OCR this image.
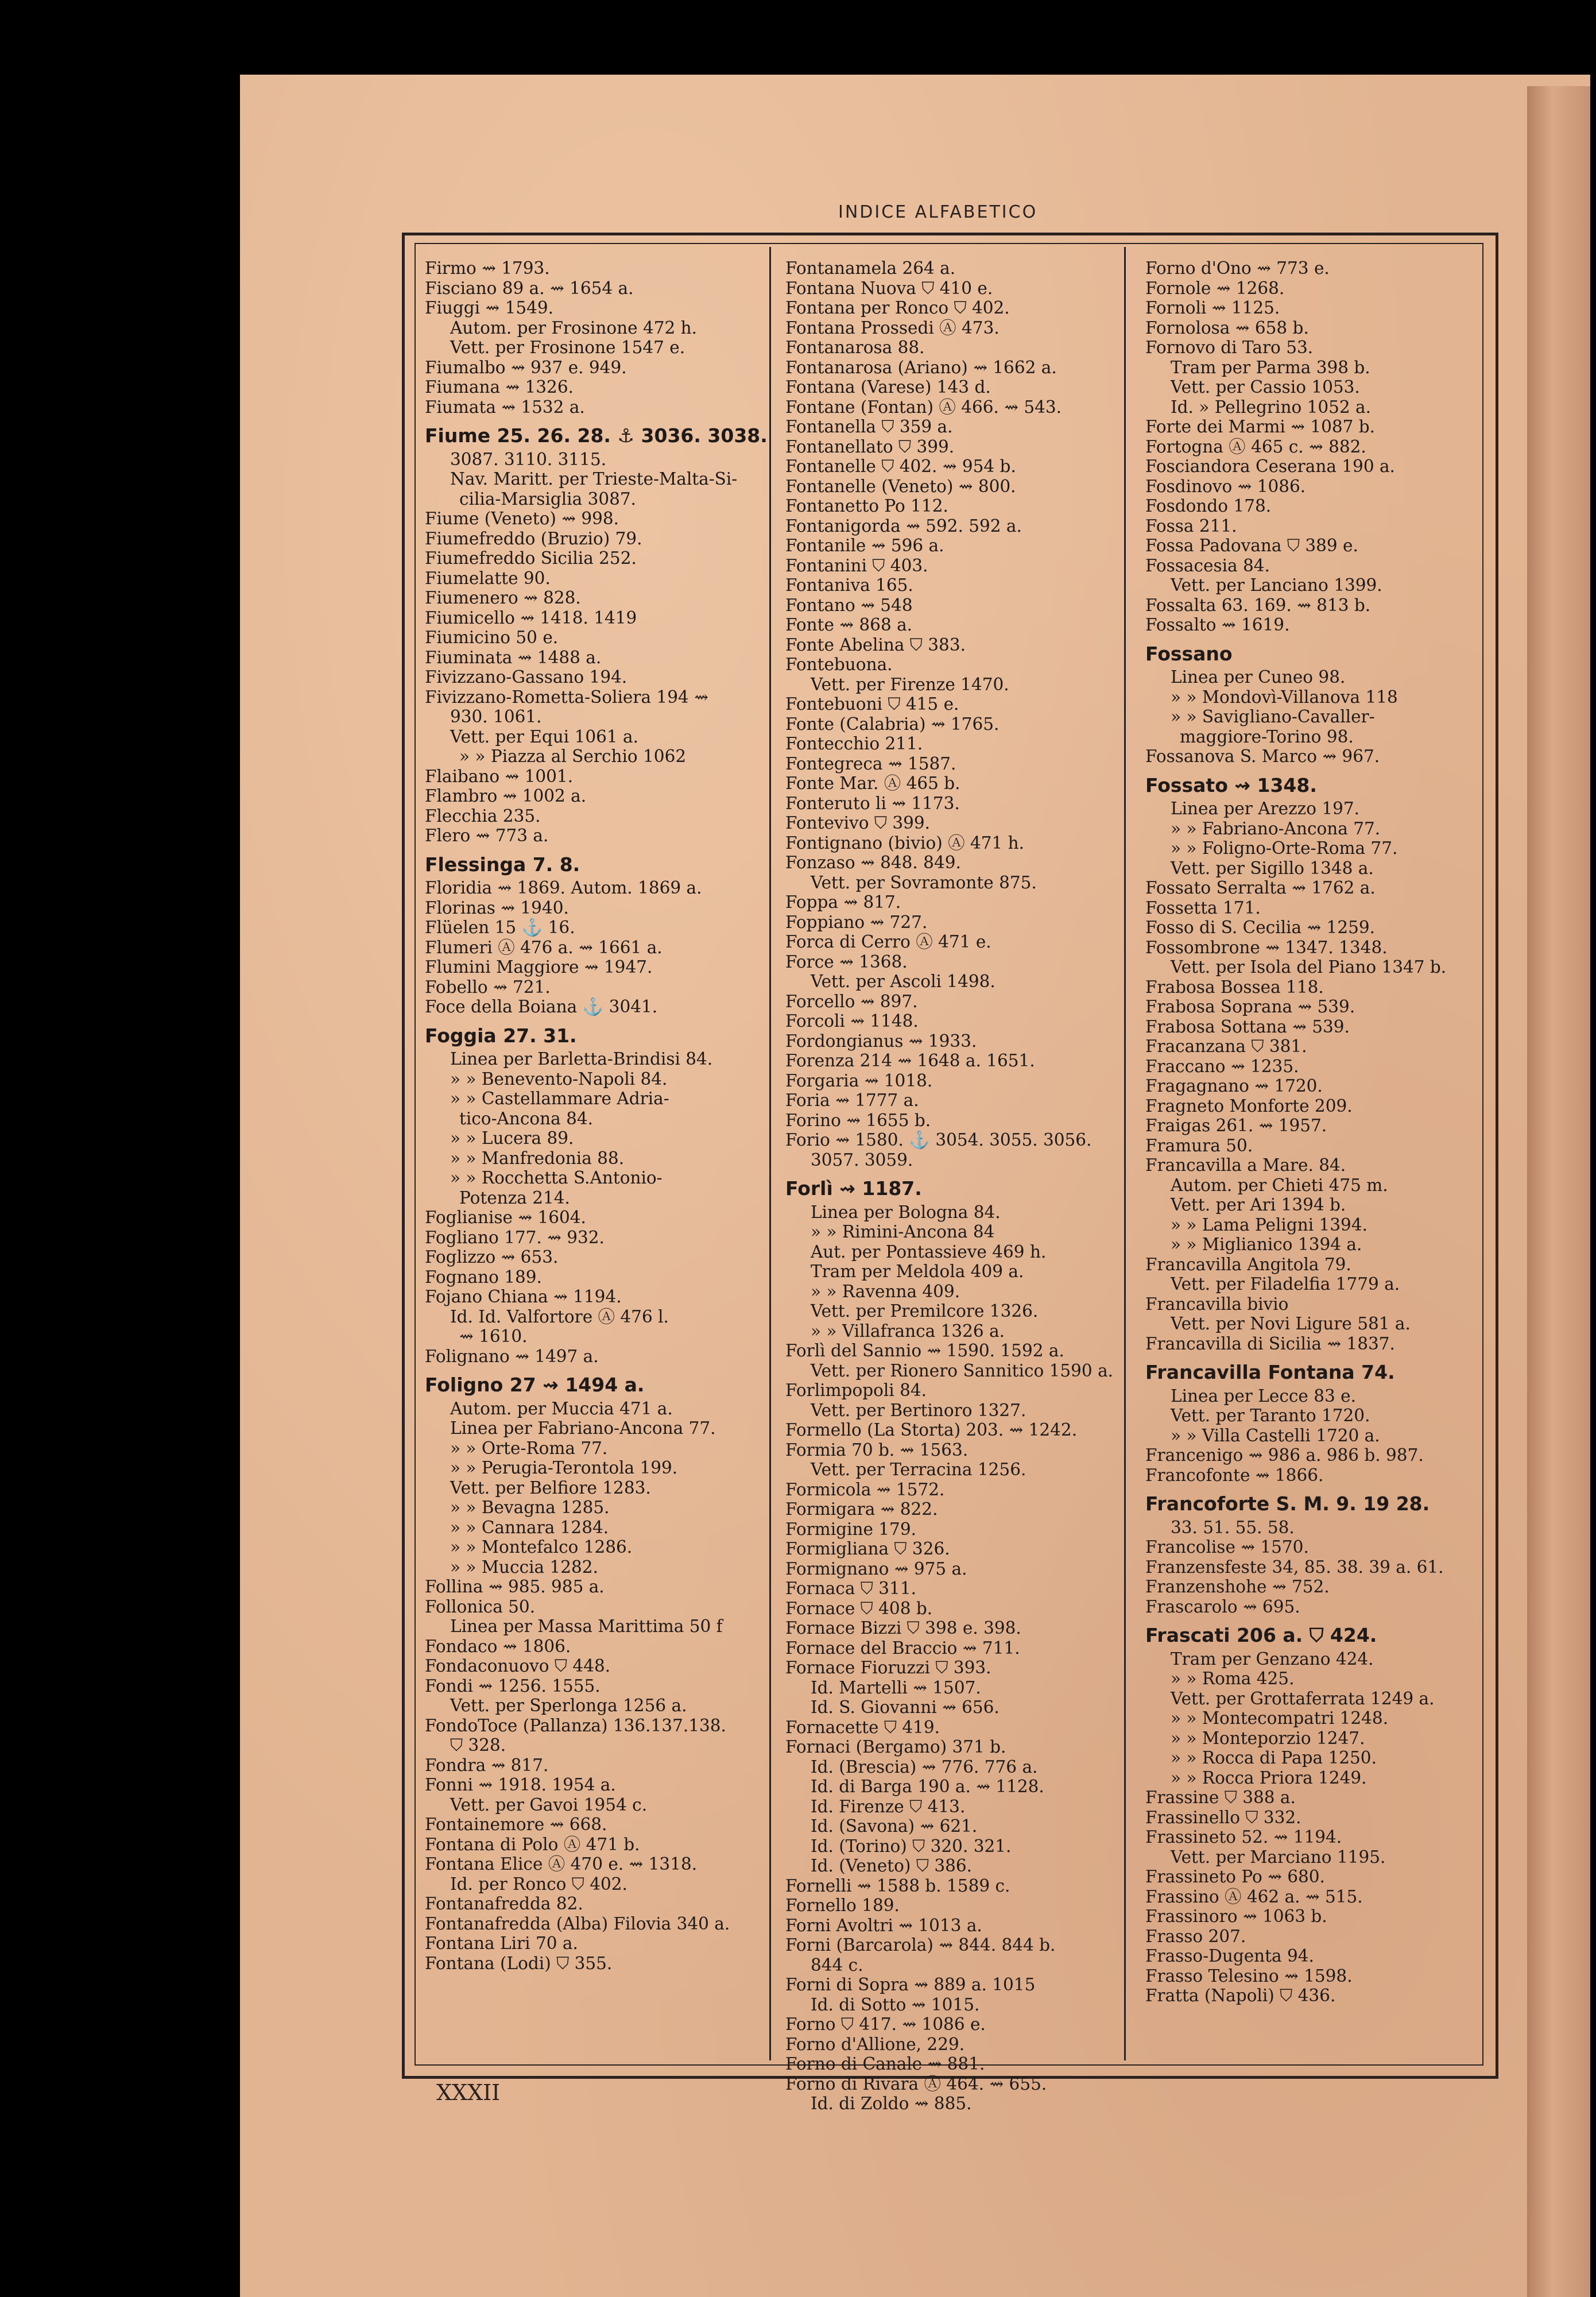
INDICE ALFABETICO
Firmo ⇝ 1793.
Fisciano 89 a. ⇝ 1654 a.
Fiuggi ⇝ 1549.
Autom. per Frosinone 472 h.
Vett. per Frosinone 1547 e.
Fiumalbo ⇝ 937 e. 949.
Fiumana ⇝ 1326.
Fiumata ⇝ 1532 a.
Fiume 25. 26. 28. ⚓ 3036. 3038.
3087. 3110. 3115.
Nav. Maritt. per Trieste-Malta-Si-
cilia-Marsiglia 3087.
Fiume (Veneto) ⇝ 998.
Fiumefreddo (Bruzio) 79.
Fiumefreddo Sicilia 252.
Fiumelatte 90.
Fiumenero ⇝ 828.
Fiumicello ⇝ 1418. 1419
Fiumicino 50 e.
Fiuminata ⇝ 1488 a.
Fivizzano-Gassano 194.
Fivizzano-Rometta-Soliera 194 ⇝
930. 1061.
Vett. per Equi 1061 a.
» » Piazza al Serchio 1062
Flaibano ⇝ 1001.
Flambro ⇝ 1002 a.
Flecchia 235.
Flero ⇝ 773 a.
Flessinga 7. 8.
Floridia ⇝ 1869. Autom. 1869 a.
Florinas ⇝ 1940.
Flüelen 15 ⚓ 16.
Flumeri Ⓐ 476 a. ⇝ 1661 a.
Flumini Maggiore ⇝ 1947.
Fobello ⇝ 721.
Foce della Boiana ⚓ 3041.
Foggia 27. 31.
Linea per Barletta-Brindisi 84.
» » Benevento-Napoli 84.
» » Castellammare Adria-
tico-Ancona 84.
» » Lucera 89.
» » Manfredonia 88.
» » Rocchetta S.Antonio-
Potenza 214.
Foglianise ⇝ 1604.
Fogliano 177. ⇝ 932.
Foglizzo ⇝ 653.
Fognano 189.
Fojano Chiana ⇝ 1194.
Id. Id. Valfortore Ⓐ 476 l.
⇝ 1610.
Folignano ⇝ 1497 a.
Foligno 27 ⇝ 1494 a.
Autom. per Muccia 471 a.
Linea per Fabriano-Ancona 77.
» » Orte-Roma 77.
» » Perugia-Terontola 199.
Vett. per Belfiore 1283.
» » Bevagna 1285.
» » Cannara 1284.
» » Montefalco 1286.
» » Muccia 1282.
Follina ⇝ 985. 985 a.
Follonica 50.
Linea per Massa Marittima 50 f
Fondaco ⇝ 1806.
Fondaconuovo ⛉ 448.
Fondi ⇝ 1256. 1555.
Vett. per Sperlonga 1256 a.
FondoToce (Pallanza) 136.137.138.
⛉ 328.
Fondra ⇝ 817.
Fonni ⇝ 1918. 1954 a.
Vett. per Gavoi 1954 c.
Fontainemore ⇝ 668.
Fontana di Polo Ⓐ 471 b.
Fontana Elice Ⓐ 470 e. ⇝ 1318.
Id. per Ronco ⛉ 402.
Fontanafredda 82.
Fontanafredda (Alba) Filovia 340 a.
Fontana Liri 70 a.
Fontana (Lodi) ⛉ 355.
Fontanamela 264 a.
Fontana Nuova ⛉ 410 e.
Fontana per Ronco ⛉ 402.
Fontana Prossedi Ⓐ 473.
Fontanarosa 88.
Fontanarosa (Ariano) ⇝ 1662 a.
Fontana (Varese) 143 d.
Fontane (Fontan) Ⓐ 466. ⇝ 543.
Fontanella ⛉ 359 a.
Fontanellato ⛉ 399.
Fontanelle ⛉ 402. ⇝ 954 b.
Fontanelle (Veneto) ⇝ 800.
Fontanetto Po 112.
Fontanigorda ⇝ 592. 592 a.
Fontanile ⇝ 596 a.
Fontanini ⛉ 403.
Fontaniva 165.
Fontano ⇝ 548
Fonte ⇝ 868 a.
Fonte Abelina ⛉ 383.
Fontebuona.
Vett. per Firenze 1470.
Fontebuoni ⛉ 415 e.
Fonte (Calabria) ⇝ 1765.
Fontecchio 211.
Fontegreca ⇝ 1587.
Fonte Mar. Ⓐ 465 b.
Fonteruto li ⇝ 1173.
Fontevivo ⛉ 399.
Fontignano (bivio) Ⓐ 471 h.
Fonzaso ⇝ 848. 849.
Vett. per Sovramonte 875.
Foppa ⇝ 817.
Foppiano ⇝ 727.
Forca di Cerro Ⓐ 471 e.
Force ⇝ 1368.
Vett. per Ascoli 1498.
Forcello ⇝ 897.
Forcoli ⇝ 1148.
Fordongianus ⇝ 1933.
Forenza 214 ⇝ 1648 a. 1651.
Forgaria ⇝ 1018.
Foria ⇝ 1777 a.
Forino ⇝ 1655 b.
Forio ⇝ 1580. ⚓ 3054. 3055. 3056.
3057. 3059.
Forlì ⇝ 1187.
Linea per Bologna 84.
» » Rimini-Ancona 84
Aut. per Pontassieve 469 h.
Tram per Meldola 409 a.
» » Ravenna 409.
Vett. per Premilcore 1326.
» » Villafranca 1326 a.
Forlì del Sannio ⇝ 1590. 1592 a.
Vett. per Rionero Sannitico 1590 a.
Forlimpopoli 84.
Vett. per Bertinoro 1327.
Formello (La Storta) 203. ⇝ 1242.
Formia 70 b. ⇝ 1563.
Vett. per Terracina 1256.
Formicola ⇝ 1572.
Formigara ⇝ 822.
Formigine 179.
Formigliana ⛉ 326.
Formignano ⇝ 975 a.
Fornaca ⛉ 311.
Fornace ⛉ 408 b.
Fornace Bizzi ⛉ 398 e. 398.
Fornace del Braccio ⇝ 711.
Fornace Fioruzzi ⛉ 393.
Id. Martelli ⇝ 1507.
Id. S. Giovanni ⇝ 656.
Fornacette ⛉ 419.
Fornaci (Bergamo) 371 b.
Id. (Brescia) ⇝ 776. 776 a.
Id. di Barga 190 a. ⇝ 1128.
Id. Firenze ⛉ 413.
Id. (Savona) ⇝ 621.
Id. (Torino) ⛉ 320. 321.
Id. (Veneto) ⛉ 386.
Fornelli ⇝ 1588 b. 1589 c.
Fornello 189.
Forni Avoltri ⇝ 1013 a.
Forni (Barcarola) ⇝ 844. 844 b.
844 c.
Forni di Sopra ⇝ 889 a. 1015
Id. di Sotto ⇝ 1015.
Forno ⛉ 417. ⇝ 1086 e.
Forno d'Allione, 229.
Forno di Canale ⇝ 881.
Forno di Rivara Ⓐ 464. ⇝ 655.
Id. di Zoldo ⇝ 885.
Forno d'Ono ⇝ 773 e.
Fornole ⇝ 1268.
Fornoli ⇝ 1125.
Fornolosa ⇝ 658 b.
Fornovo di Taro 53.
Tram per Parma 398 b.
Vett. per Cassio 1053.
Id. » Pellegrino 1052 a.
Forte dei Marmi ⇝ 1087 b.
Fortogna Ⓐ 465 c. ⇝ 882.
Fosciandora Ceserana 190 a.
Fosdinovo ⇝ 1086.
Fosdondo 178.
Fossa 211.
Fossa Padovana ⛉ 389 e.
Fossacesia 84.
Vett. per Lanciano 1399.
Fossalta 63. 169. ⇝ 813 b.
Fossalto ⇝ 1619.
Fossano
Linea per Cuneo 98.
» » Mondovì-Villanova 118
» » Savigliano-Cavaller-
maggiore-Torino 98.
Fossanova S. Marco ⇝ 967.
Fossato ⇝ 1348.
Linea per Arezzo 197.
» » Fabriano-Ancona 77.
» » Foligno-Orte-Roma 77.
Vett. per Sigillo 1348 a.
Fossato Serralta ⇝ 1762 a.
Fossetta 171.
Fosso di S. Cecilia ⇝ 1259.
Fossombrone ⇝ 1347. 1348.
Vett. per Isola del Piano 1347 b.
Frabosa Bossea 118.
Frabosa Soprana ⇝ 539.
Frabosa Sottana ⇝ 539.
Fracanzana ⛉ 381.
Fraccano ⇝ 1235.
Fragagnano ⇝ 1720.
Fragneto Monforte 209.
Fraigas 261. ⇝ 1957.
Framura 50.
Francavilla a Mare. 84.
Autom. per Chieti 475 m.
Vett. per Ari 1394 b.
» » Lama Peligni 1394.
» » Miglianico 1394 a.
Francavilla Angitola 79.
Vett. per Filadelfia 1779 a.
Francavilla bivio
Vett. per Novi Ligure 581 a.
Francavilla di Sicilia ⇝ 1837.
Francavilla Fontana 74.
Linea per Lecce 83 e.
Vett. per Taranto 1720.
» » Villa Castelli 1720 a.
Francenigo ⇝ 986 a. 986 b. 987.
Francofonte ⇝ 1866.
Francoforte S. M. 9. 19 28.
33. 51. 55. 58.
Francolise ⇝ 1570.
Franzensfeste 34, 85. 38. 39 a. 61.
Franzenshohe ⇝ 752.
Frascarolo ⇝ 695.
Frascati 206 a. ⛉ 424.
Tram per Genzano 424.
» » Roma 425.
Vett. per Grottaferrata 1249 a.
» » Montecompatri 1248.
» » Monteporzio 1247.
» » Rocca di Papa 1250.
» » Rocca Priora 1249.
Frassine ⛉ 388 a.
Frassinello ⛉ 332.
Frassineto 52. ⇝ 1194.
Vett. per Marciano 1195.
Frassineto Po ⇝ 680.
Frassino Ⓐ 462 a. ⇝ 515.
Frassinoro ⇝ 1063 b.
Frasso 207.
Frasso-Dugenta 94.
Frasso Telesino ⇝ 1598.
Fratta (Napoli) ⛉ 436.
XXXII
